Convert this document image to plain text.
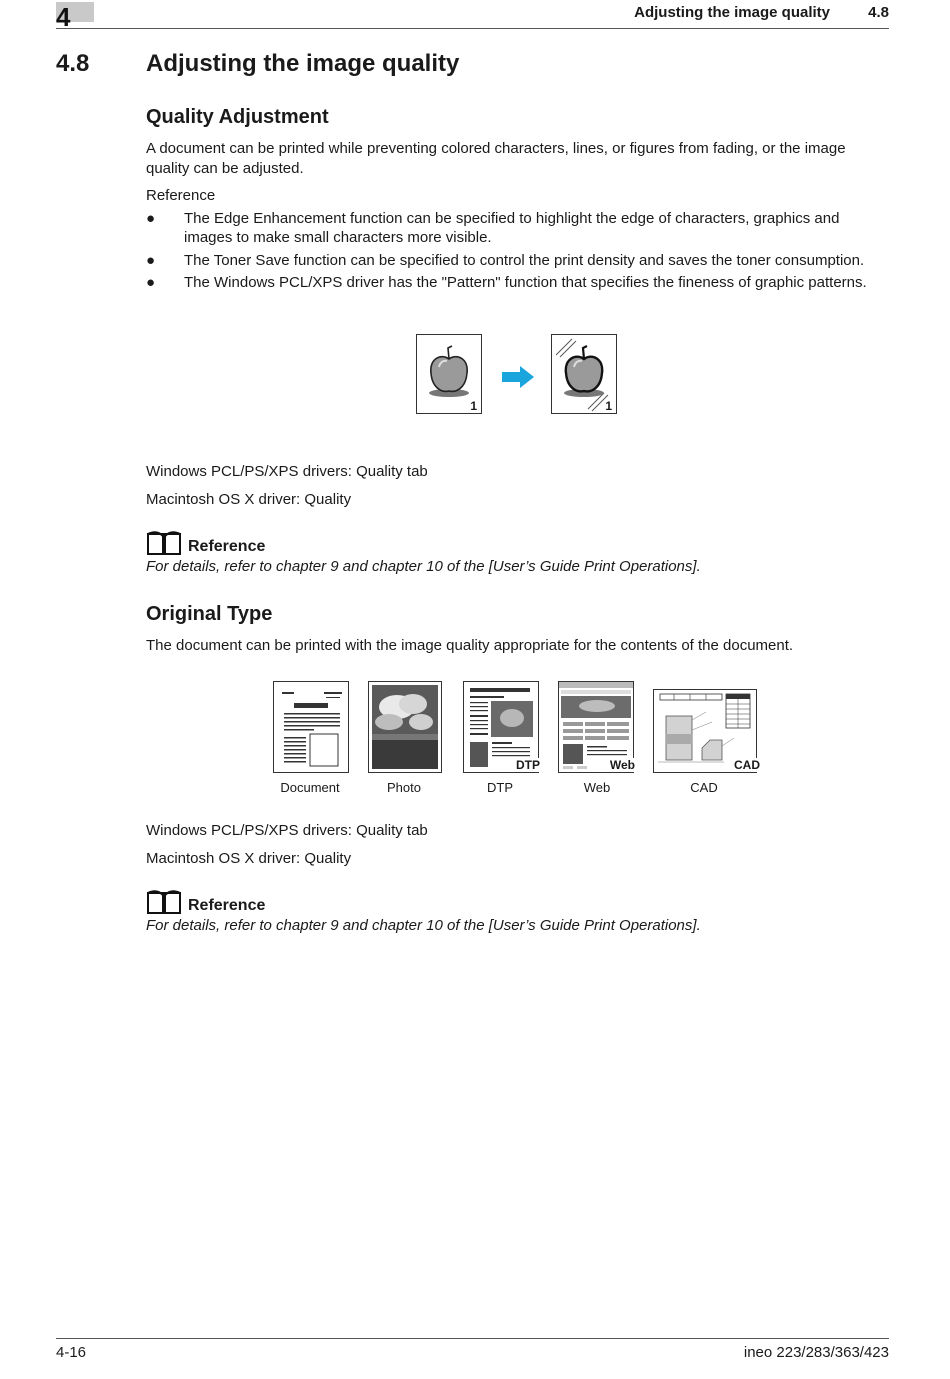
4	Adjusting the image quality	4.8
4.8 Adjusting the image quality
Quality Adjustment

A document can be printed while preventing colored characters, lines, or figures from fading, or the image quality can be adjusted.

Reference

● The Edge Enhancement function can be specified to highlight the edge of characters, graphics and images to make small characters more visible.
● The Toner Save function can be specified to control the print density and saves the toner consumption.
● The Windows PCL/XPS driver has the "Pattern" function that specifies the fineness of graphic patterns.
1	1

Windows PCL/PS/XPS drivers: Quality tab

Macintosh OS X driver: Quality

Reference
For details, refer to chapter 9 and chapter 10 of the [User’s Guide Print Operations].
Original Type

The document can be printed with the image quality appropriate for the contents of the document.

DTP	Web	CAD
Document	Photo	DTP	Web	CAD

Windows PCL/PS/XPS drivers: Quality tab

Macintosh OS X driver: Quality

Reference
For details, refer to chapter 9 and chapter 10 of the [User’s Guide Print Operations].
4-16	ineo 223/283/363/423
